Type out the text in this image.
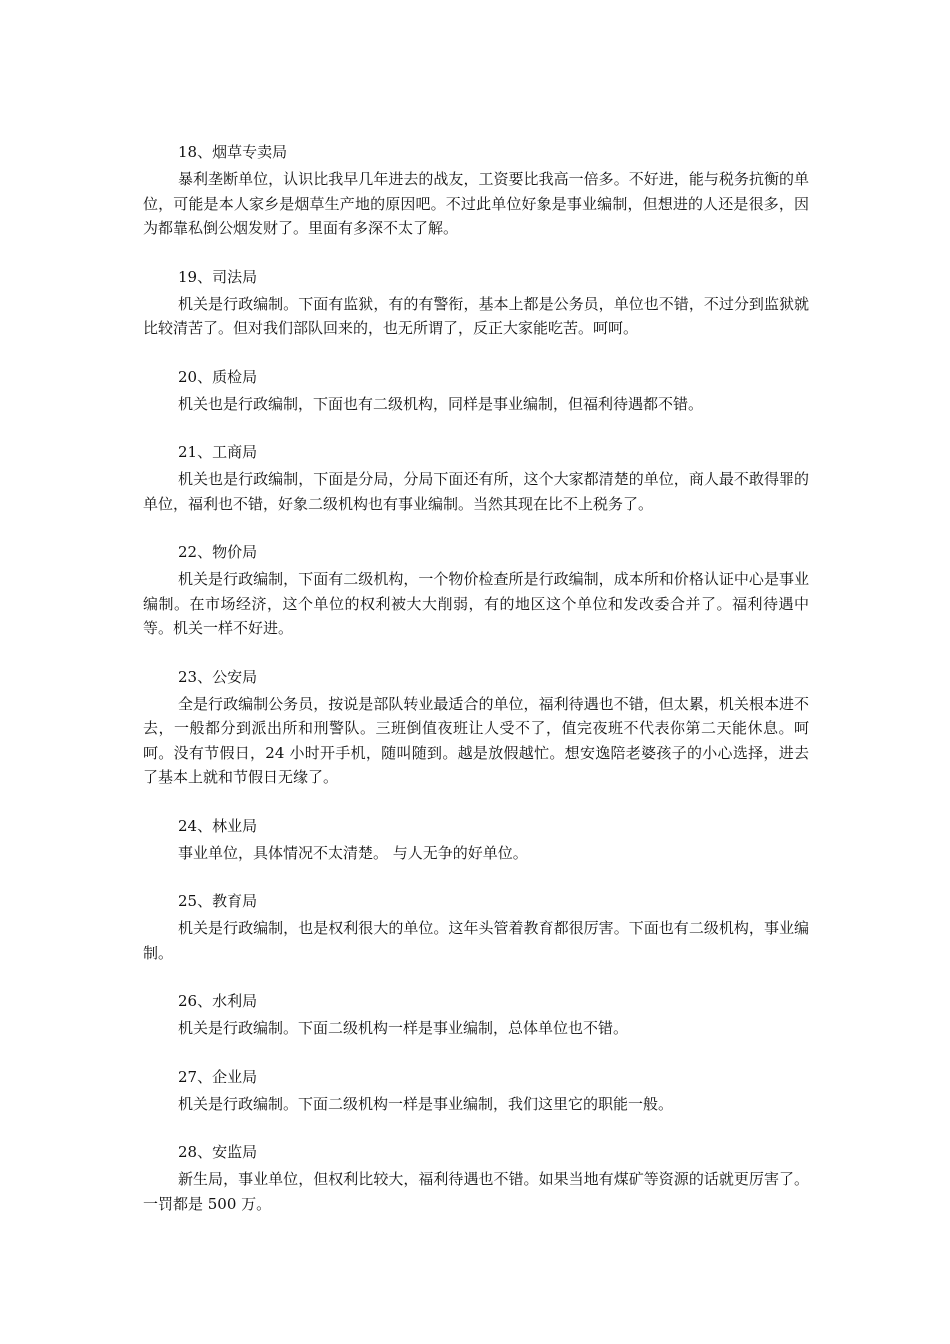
18、烟草专卖局

暴利垄断单位，认识比我早几年进去的战友，工资要比我高一倍多。不好进，能与税务抗衡的单位，可能是本人家乡是烟草生产地的原因吧。不过此单位好象是事业编制，但想进的人还是很多，因为都靠私倒公烟发财了。里面有多深不太了解。

19、司法局

机关是行政编制。下面有监狱，有的有警衔，基本上都是公务员，单位也不错，不过分到监狱就比较清苦了。但对我们部队回来的，也无所谓了，反正大家能吃苦。呵呵。

20、质检局

机关也是行政编制，下面也有二级机构，同样是事业编制，但福利待遇都不错。

21、工商局

机关也是行政编制，下面是分局，分局下面还有所，这个大家都清楚的单位，商人最不敢得罪的单位，福利也不错，好象二级机构也有事业编制。当然其现在比不上税务了。

22、物价局

机关是行政编制，下面有二级机构，一个物价检查所是行政编制，成本所和价格认证中心是事业编制。在市场经济，这个单位的权利被大大削弱，有的地区这个单位和发改委合并了。福利待遇中等。机关一样不好进。

23、公安局

全是行政编制公务员，按说是部队转业最适合的单位，福利待遇也不错，但太累，机关根本进不去，一般都分到派出所和刑警队。三班倒值夜班让人受不了，值完夜班不代表你第二天能休息。呵呵。没有节假日，24 小时开手机，随叫随到。越是放假越忙。想安逸陪老婆孩子的小心选择，进去了基本上就和节假日无缘了。

24、林业局

事业单位，具体情况不太清楚。 与人无争的好单位。

25、教育局

机关是行政编制，也是权利很大的单位。这年头管着教育都很厉害。下面也有二级机构，事业编制。

26、水利局

机关是行政编制。下面二级机构一样是事业编制，总体单位也不错。

27、企业局

机关是行政编制。下面二级机构一样是事业编制，我们这里它的职能一般。

28、安监局

新生局，事业单位，但权利比较大，福利待遇也不错。如果当地有煤矿等资源的话就更厉害了。一罚都是 500 万。
